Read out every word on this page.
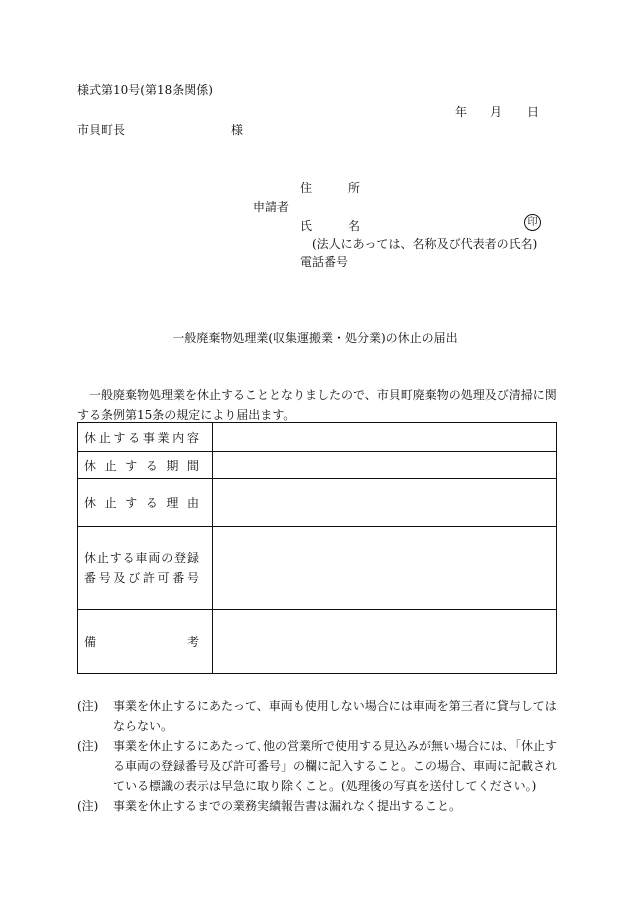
様式第10号(第18条関係)
年 月 日
市貝町長	様
住　所
申請者
氏　名	印
(法人にあっては、名称及び代表者の氏名)
電話番号
一般廃棄物処理業(収集運搬業・処分業)の休止の届出
一般廃棄物処理業を休止することとなりましたので、市貝町廃棄物の処理及び清掃に関する条例第15条の規定により届出ます。
休止する事業内容	

休止する期間	

休止する理由	

休止する車両の登録
番号及び許可番号	

備考	

(注) 事業を休止するにあたって、車両も使用しない場合には車両を第三者に貸与してはならない。
(注) 事業を休止するにあたって､他の営業所で使用する見込みが無い場合には､「休止する車両の登録番号及び許可番号」の欄に記入すること。この場合、車両に記載されている標識の表示は早急に取り除くこと。(処理後の写真を送付してください。)
(注) 事業を休止するまでの業務実績報告書は漏れなく提出すること。
